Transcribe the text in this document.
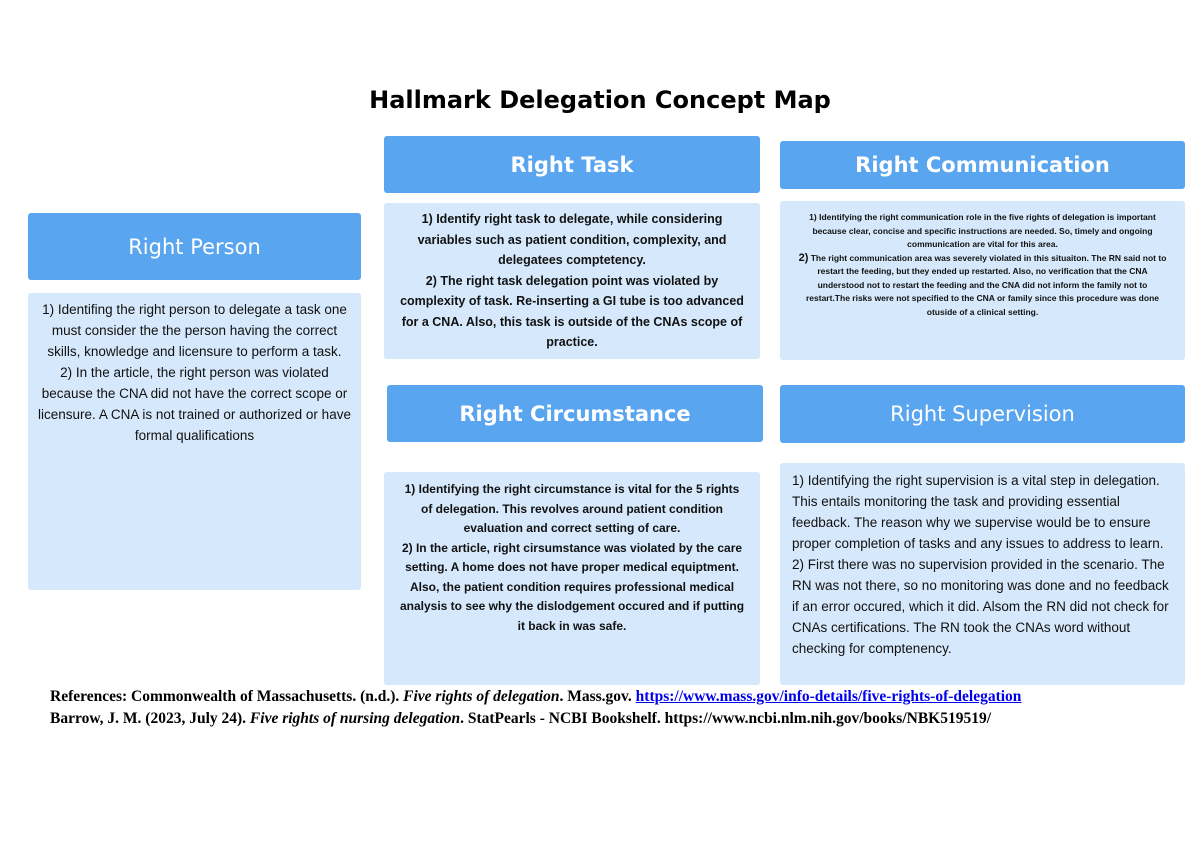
Hallmark Delegation Concept Map
Right Person

1) Identifing the right person to delegate a task one must consider the the person having the correct skills, knowledge and licensure to perform a task.

2) In the article, the right person was violated because the CNA did not have the correct scope or licensure. A CNA is not trained or authorized or have formal qualifications

Right Task

1) Identify right task to delegate, while considering variables such as patient condition, complexity, and delegatees comptetency.

2) The right task delegation point was violated by complexity of task. Re-inserting a GI tube is too advanced for a CNA. Also, this task is outside of the CNAs scope of practice.

Right Communication

1) Identifying the right communication role in the five rights of delegation is important because clear, concise and specific instructions are needed. So, timely and ongoing communication are vital for this area.

2) The right communication area was severely violated in this situaiton. The RN said not to restart the feeding, but they ended up restarted. Also, no verification that the CNA understood not to restart the feeding and the CNA did not inform the family not to restart.The risks were not specified to the CNA or family since this procedure was done otuside of a clinical setting.

Right Circumstance

1) Identifying the right circumstance is vital for the 5 rights of delegation. This revolves around patient condition evaluation and correct setting of care.

2) In the article, right cirsumstance was violated by the care setting. A home does not have proper medical equiptment. Also, the patient condition requires professional medical analysis to see why the dislodgement occured and if putting it back in was safe.

Right Supervision

1) Identifying the right supervision is a vital step in delegation. This entails monitoring the task and providing essential feedback. The reason why we supervise would be to ensure proper completion of tasks and any issues to address to learn.

2) First there was no supervision provided in the scenario. The RN was not there, so no monitoring was done and no feedback if an error occured, which it did. Alsom the RN did not check for CNAs certifications. The RN took the CNAs word without checking for comptenency.

References: Commonwealth of Massachusetts. (n.d.). Five rights of delegation. Mass.gov. https://www.mass.gov/info-details/five-rights-of-delegation
Barrow, J. M. (2023, July 24). Five rights of nursing delegation. StatPearls - NCBI Bookshelf. https://www.ncbi.nlm.nih.gov/books/NBK519519/
